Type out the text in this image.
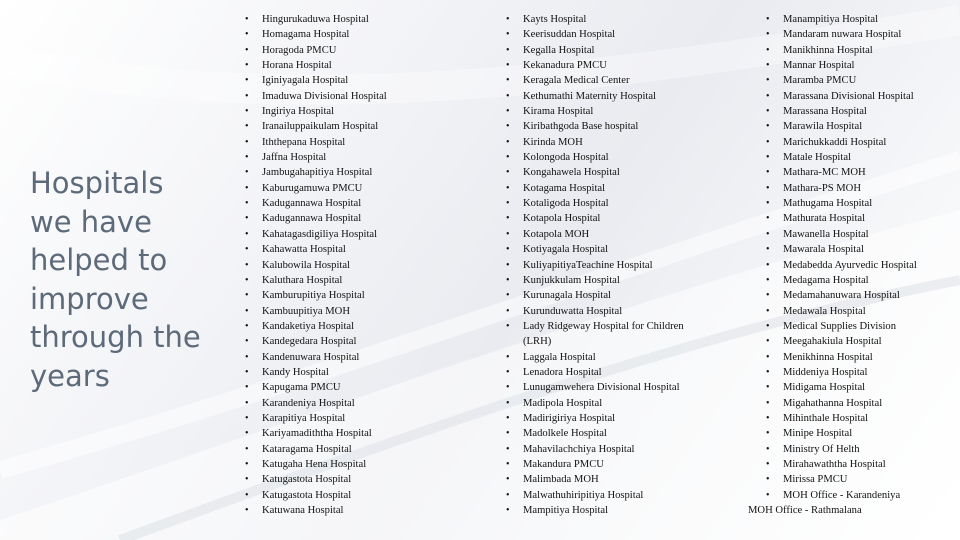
Hospitals
we have
helped to
improve
through the
years
• Hingurukaduwa Hospital
• Homagama Hospital
• Horagoda PMCU
• Horana Hospital
• Iginiyagala Hospital
• Imaduwa Divisional Hospital
• Ingiriya Hospital
• Iranailuppaikulam Hospital
• Iththepana Hospital
• Jaffna Hospital
• Jambugahapitiya Hospital
• Kaburugamuwa PMCU
• Kadugannawa Hospital
• Kadugannawa Hospital
• Kahatagasdigiliya Hospital
• Kahawatta Hospital
• Kalubowila Hospital
• Kaluthara Hospital
• Kamburupitiya Hospital
• Kambuupitiya MOH
• Kandaketiya Hospital
• Kandegedara Hospital
• Kandenuwara Hospital
• Kandy Hospital
• Kapugama PMCU
• Karandeniya Hospital
• Karapitiya Hospital
• Kariyamadiththa Hospital
• Kataragama Hospital
• Katugaha Hena Hospital
• Katugastota Hospital
• Katugastota Hospital
• Katuwana Hospital
• Kayts Hospital
• Keerisuddan Hospital
• Kegalla Hospital
• Kekanadura PMCU
• Keragala Medical Center
• Kethumathi Maternity Hospital
• Kirama Hospital
• Kiribathgoda Base hospital
• Kirinda MOH
• Kolongoda Hospital
• Kongahawela Hospital
• Kotagama Hospital
• Kotaligoda Hospital
• Kotapola Hospital
• Kotapola MOH
• Kotiyagala Hospital
• KuliyapitiyaTeachine Hospital
• Kunjukkulam Hospital
• Kurunagala Hospital
• Kurunduwatta Hospital
• Lady Ridgeway Hospital for Children (LRH)
• Laggala Hospital
• Lenadora Hospital
• Lunugamwehera Divisional Hospital
• Madipola Hospital
• Madirigiriya Hospital
• Madolkele Hospital
• Mahavilachchiya Hospital
• Makandura PMCU
• Malimbada MOH
• Malwathuhiripitiya Hospital
• Mampitiya Hospital
• Manampitiya Hospital
• Mandaram nuwara Hospital
• Manikhinna Hospital
• Mannar Hospital
• Maramba PMCU
• Marassana Divisional Hospital
• Marassana Hospital
• Marawila Hospital
• Marichukkaddi Hospital
• Matale Hospital
• Mathara-MC MOH
• Mathara-PS MOH
• Mathugama Hospital
• Mathurata Hospital
• Mawanella Hospital
• Mawarala Hospital
• Medabedda Ayurvedic Hospital
• Medagama Hospital
• Medamahanuwara Hospital
• Medawala Hospital
• Medical Supplies Division
• Meegahakiula Hospital
• Menikhinna Hospital
• Middeniya Hospital
• Midigama Hospital
• Migahathanna Hospital
• Mihinthale Hospital
• Minipe Hospital
• Ministry Of Helth
• Mirahawaththa Hospital
• Mirissa PMCU
• MOH Office - Karandeniya
MOH Office - Rathmalana
